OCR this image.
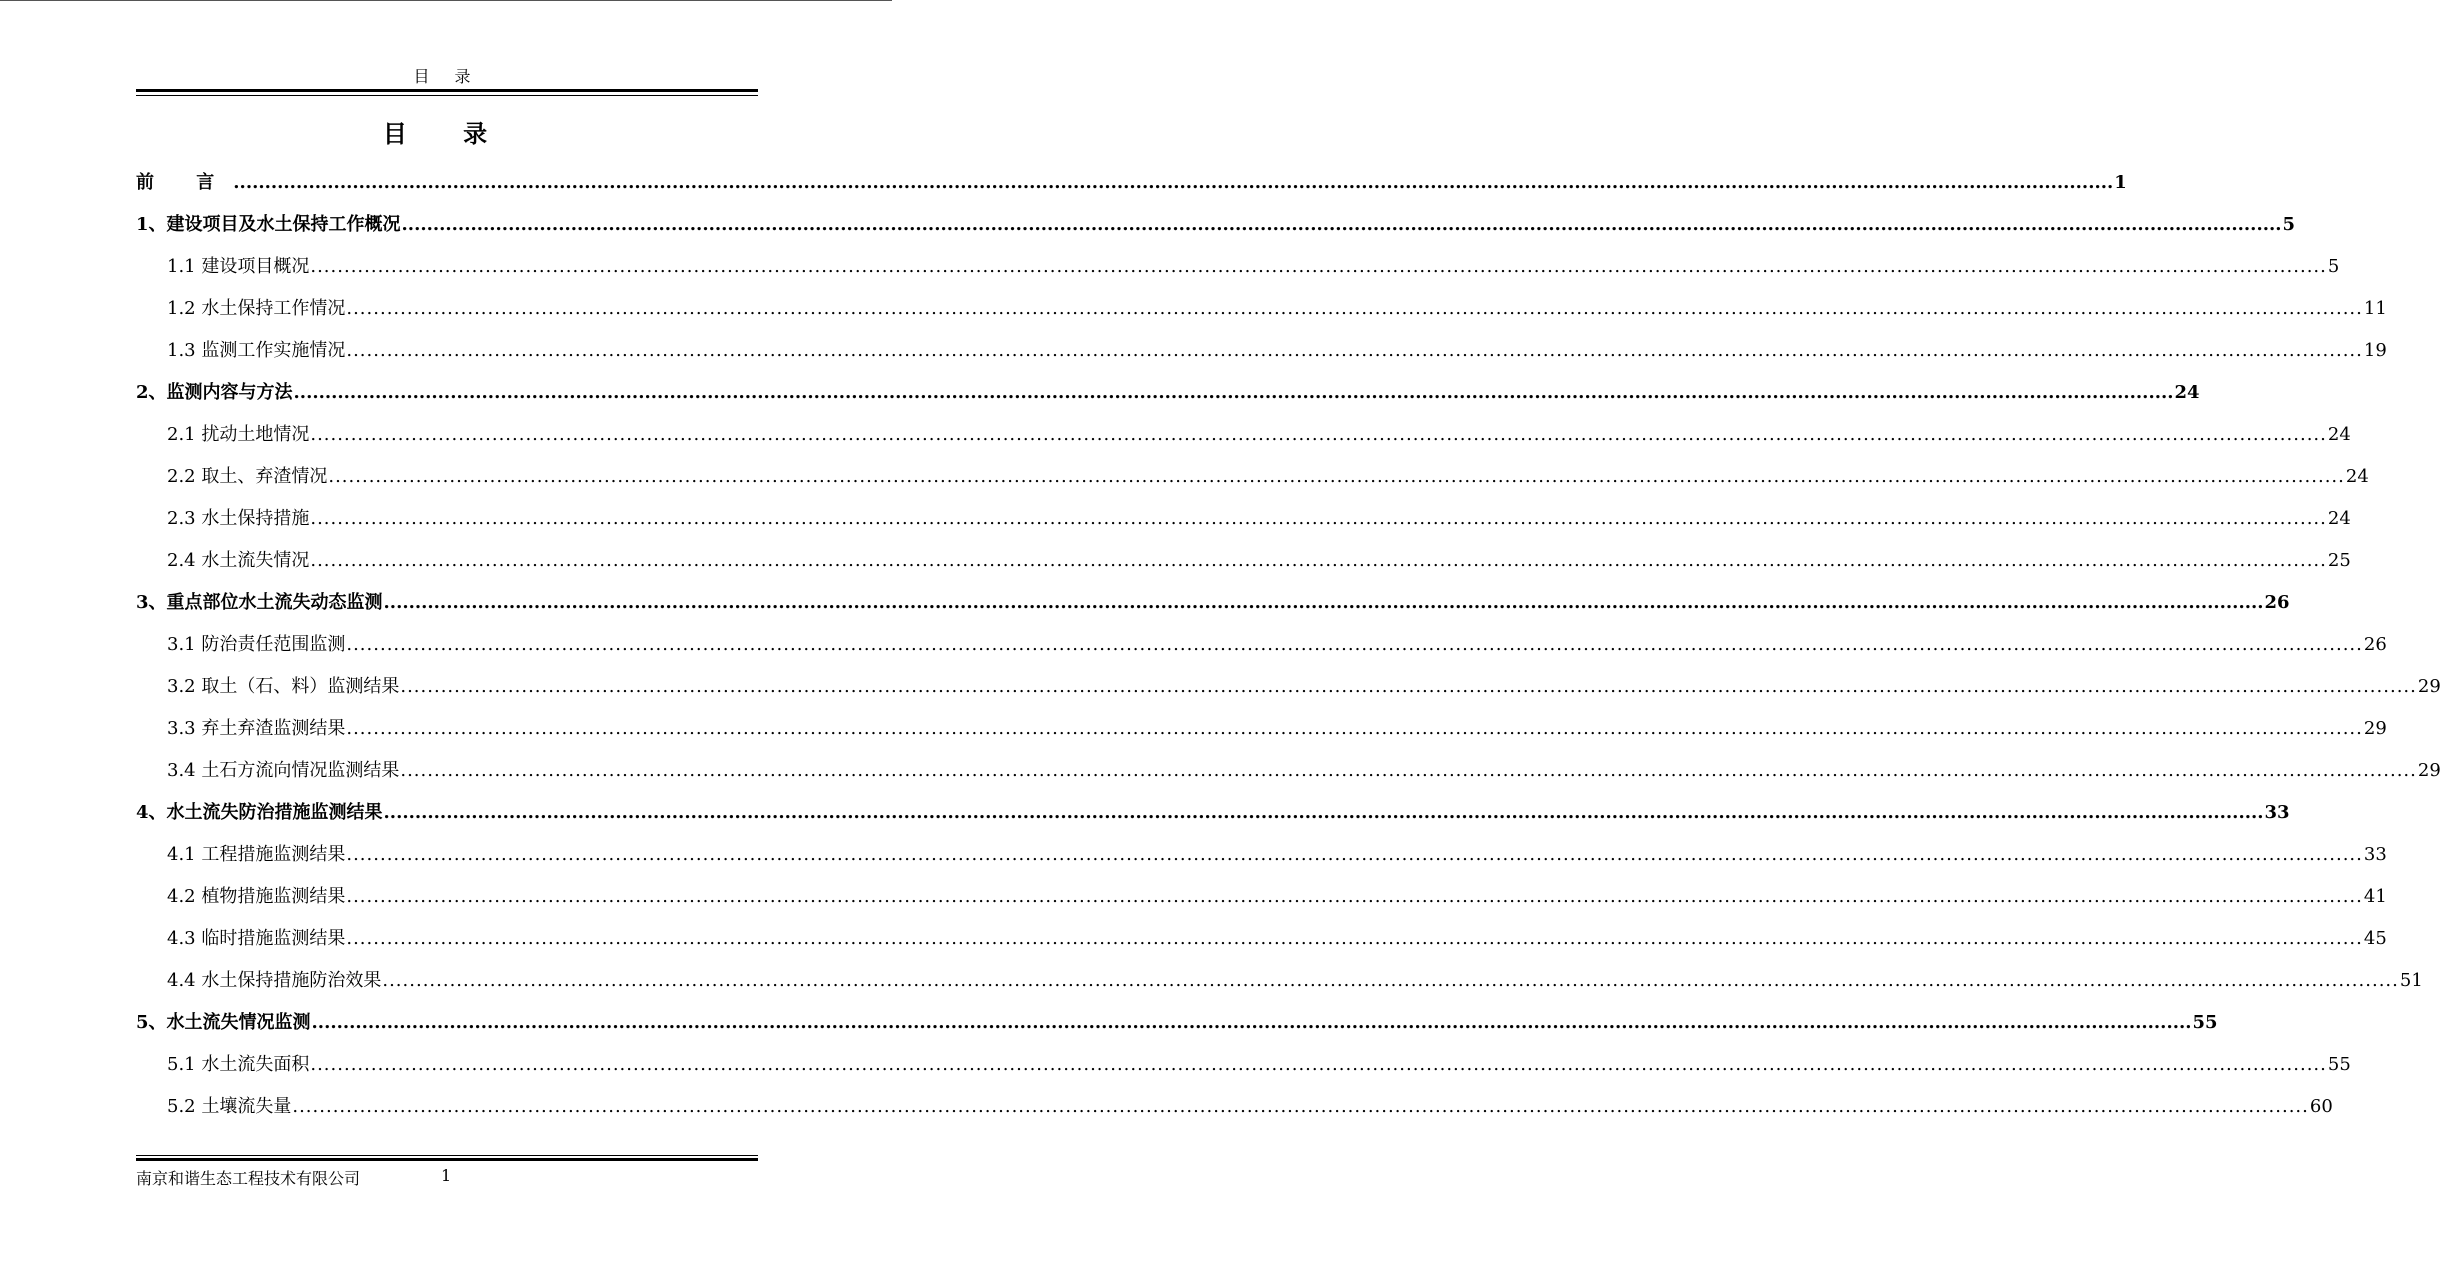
目 录
目 录
前 言 ............................................................................................................................................................................................................................................................................................................ 1
1、建设项目及水土保持工作概况 ............................................................................................................................................................................................................................................................................................................ 5
1.1 建设项目概况 ............................................................................................................................................................................................................................................................................................................ 5
1.2 水土保持工作情况 ............................................................................................................................................................................................................................................................................................................ 11
1.3 监测工作实施情况 ............................................................................................................................................................................................................................................................................................................ 19
2、监测内容与方法 ............................................................................................................................................................................................................................................................................................................ 24
2.1 扰动土地情况 ............................................................................................................................................................................................................................................................................................................ 24
2.2 取土、弃渣情况 ............................................................................................................................................................................................................................................................................................................ 24
2.3 水土保持措施 ............................................................................................................................................................................................................................................................................................................ 24
2.4 水土流失情况 ............................................................................................................................................................................................................................................................................................................ 25
3、重点部位水土流失动态监测 ............................................................................................................................................................................................................................................................................................................ 26
3.1 防治责任范围监测 ............................................................................................................................................................................................................................................................................................................ 26
3.2 取土（石、料）监测结果 ............................................................................................................................................................................................................................................................................................................ 29
3.3 弃土弃渣监测结果 ............................................................................................................................................................................................................................................................................................................ 29
3.4 土石方流向情况监测结果 ............................................................................................................................................................................................................................................................................................................ 29
4、水土流失防治措施监测结果 ............................................................................................................................................................................................................................................................................................................ 33
4.1 工程措施监测结果 ............................................................................................................................................................................................................................................................................................................ 33
4.2 植物措施监测结果 ............................................................................................................................................................................................................................................................................................................ 41
4.3 临时措施监测结果 ............................................................................................................................................................................................................................................................................................................ 45
4.4 水土保持措施防治效果 ............................................................................................................................................................................................................................................................................................................ 51
5、水土流失情况监测 ............................................................................................................................................................................................................................................................................................................ 55
5.1 水土流失面积 ............................................................................................................................................................................................................................................................................................................ 55
5.2 土壤流失量 ............................................................................................................................................................................................................................................................................................................ 60
南京和谐生态工程技术有限公司	1
